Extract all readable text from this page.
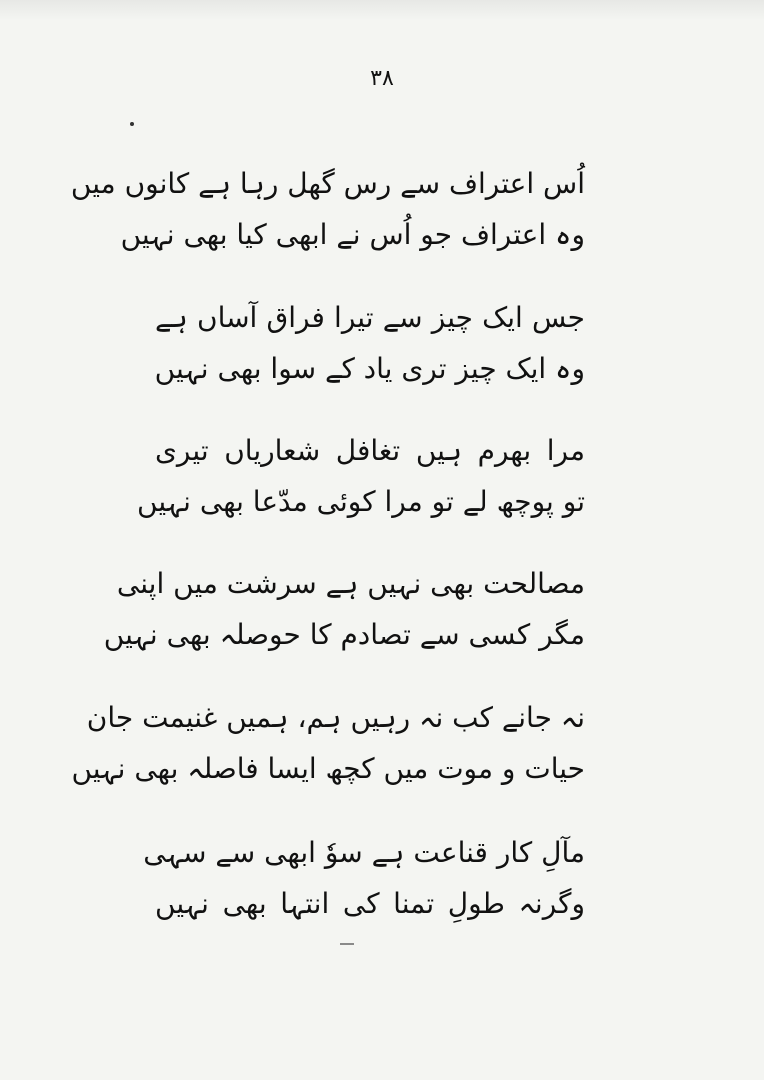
۳۸
اُس اعتراف سے رس گھل رہا ہے کانوں میں
وہ اعتراف جو اُس نے ابھی کیا بھی نہیں
جس ایک چیز سے تیرا فراق آساں ہے
وہ ایک چیز تری یاد کے سوا بھی نہیں
مرا بھرم ہیں تغافل شعاریاں تیری
تو پوچھ لے تو مرا کوئی مدّعا بھی نہیں
مصالحت بھی نہیں ہے سرشت میں اپنی
مگر کسی سے تصادم کا حوصلہ بھی نہیں
نہ جانے کب نہ رہیں ہم، ہمیں غنیمت جان
حیات و موت میں کچھ ایسا فاصلہ بھی نہیں
مآلِ کار قناعت ہے سوٗ ابھی سے سہی
وگرنہ طولِ تمنا کی انتہا بھی نہیں
